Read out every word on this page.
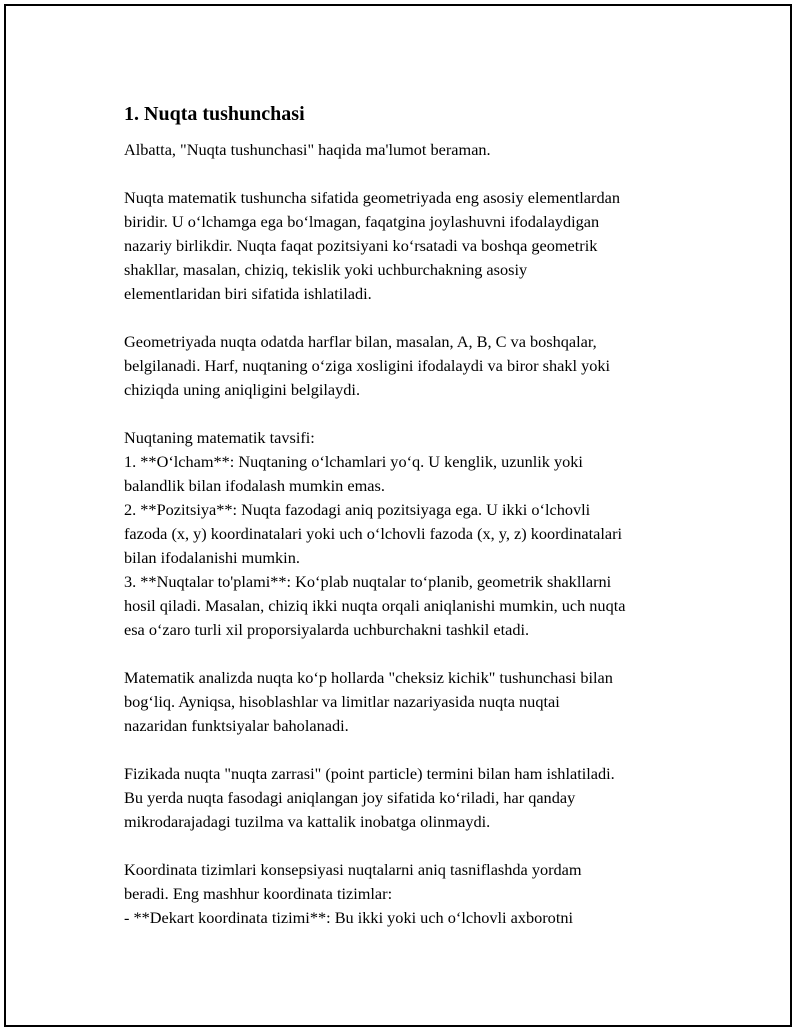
1. Nuqta tushunchasi
Albatta, "Nuqta tushunchasi" haqida ma'lumot beraman.
Nuqta matematik tushuncha sifatida geometriyada eng asosiy elementlardan
biridir. U o‘lchamga ega bo‘lmagan, faqatgina joylashuvni ifodalaydigan
nazariy birlikdir. Nuqta faqat pozitsiyani ko‘rsatadi va boshqa geometrik
shakllar, masalan, chiziq, tekislik yoki uchburchakning asosiy
elementlaridan biri sifatida ishlatiladi.
Geometriyada nuqta odatda harflar bilan, masalan, A, B, C va boshqalar,
belgilanadi. Harf, nuqtaning o‘ziga xosligini ifodalaydi va biror shakl yoki
chiziqda uning aniqligini belgilaydi.
Nuqtaning matematik tavsifi:
1. **O‘lcham**: Nuqtaning o‘lchamlari yo‘q. U kenglik, uzunlik yoki
balandlik bilan ifodalash mumkin emas.
2. **Pozitsiya**: Nuqta fazodagi aniq pozitsiyaga ega. U ikki o‘lchovli
fazoda (x, y) koordinatalari yoki uch o‘lchovli fazoda (x, y, z) koordinatalari
bilan ifodalanishi mumkin.
3. **Nuqtalar to'plami**: Ko‘plab nuqtalar to‘planib, geometrik shakllarni
hosil qiladi. Masalan, chiziq ikki nuqta orqali aniqlanishi mumkin, uch nuqta
esa o‘zaro turli xil proporsiyalarda uchburchakni tashkil etadi.
Matematik analizda nuqta ko‘p hollarda "cheksiz kichik" tushunchasi bilan
bog‘liq. Ayniqsa, hisoblashlar va limitlar nazariyasida nuqta nuqtai
nazaridan funktsiyalar baholanadi.
Fizikada nuqta "nuqta zarrasi" (point particle) termini bilan ham ishlatiladi.
Bu yerda nuqta fasodagi aniqlangan joy sifatida ko‘riladi, har qanday
mikrodarajadagi tuzilma va kattalik inobatga olinmaydi.
Koordinata tizimlari konsepsiyasi nuqtalarni aniq tasniflashda yordam
beradi. Eng mashhur koordinata tizimlar:
- **Dekart koordinata tizimi**: Bu ikki yoki uch o‘lchovli axborotni
